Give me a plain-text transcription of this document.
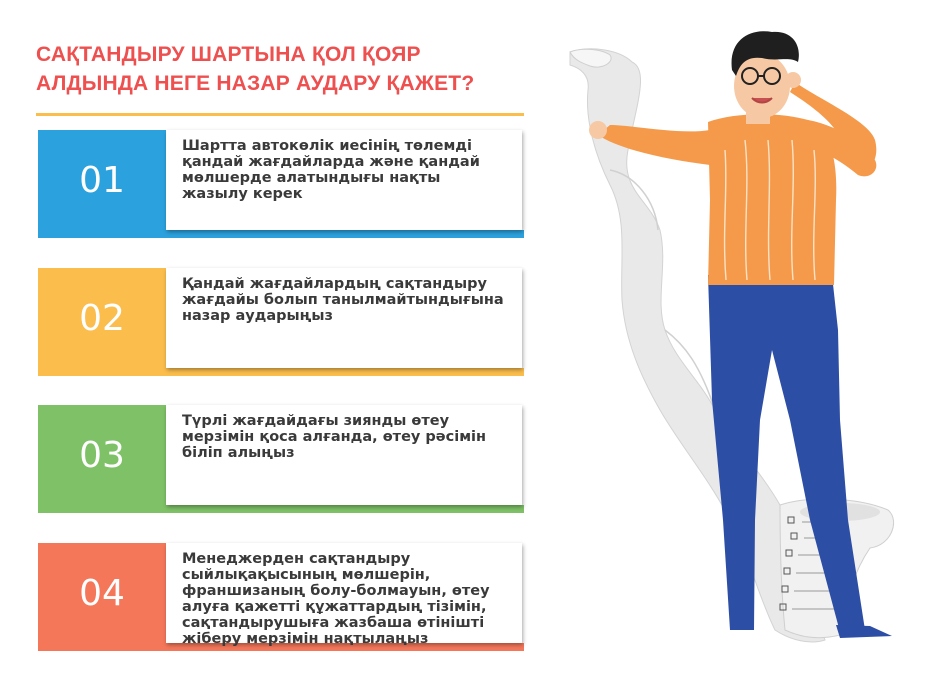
САҚТАНДЫРУ ШАРТЫНА ҚОЛ ҚОЯР
АЛДЫНДА НЕГЕ НАЗАР АУДАРУ ҚАЖЕТ?
01
Шартта автокөлік иесінің төлемді қандай жағдайларда және қандай мөлшерде алатындығы нақты жазылу керек
02
Қандай жағдайлардың сақтандыру жағдайы болып танылмайтындығына назар аударыңыз
03
Түрлі жағдайдағы зиянды өтеу мерзімін қоса алғанда, өтеу рәсімін біліп алыңыз
04
Менеджерден сақтандыру сыйлықақысының мөлшерін, франшизаның болу-болмауын, өтеу алуға қажетті құжаттардың тізімін, сақтандырушыға жазбаша өтінішті жіберу мерзімін нақтылаңыз
